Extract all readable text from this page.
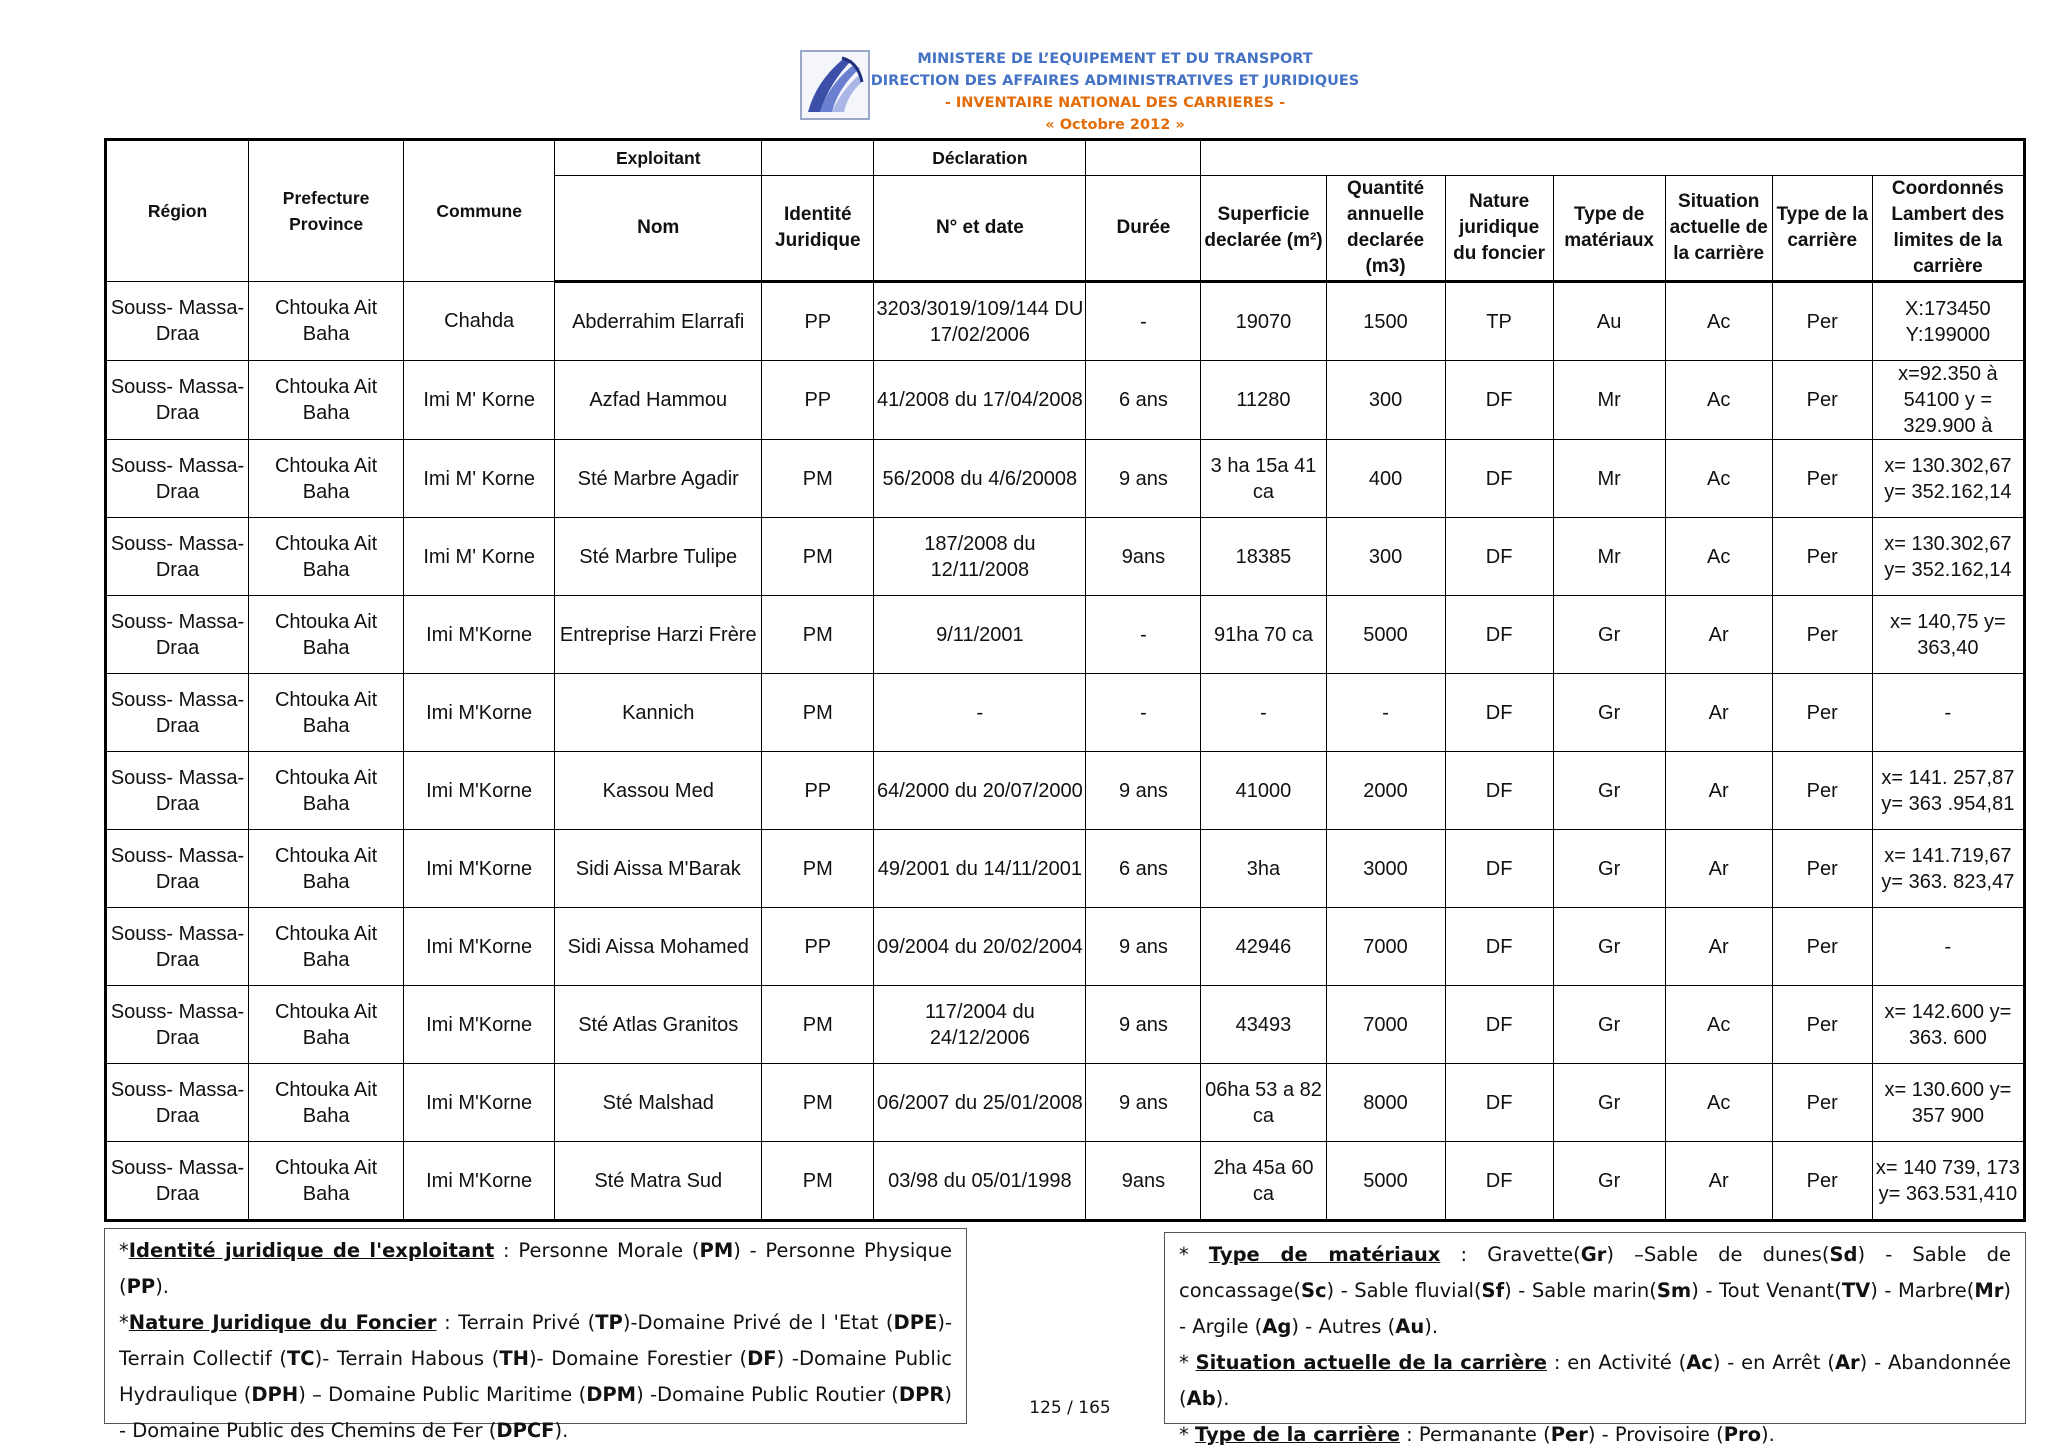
MINISTERE DE L’EQUIPEMENT ET DU TRANSPORT
DIRECTION DES AFFAIRES ADMINISTRATIVES ET JURIDIQUES
- INVENTAIRE NATIONAL DES CARRIERES -
« Octobre 2012 »
Région	Prefecture Province	Commune	Exploitant		Déclaration								
			Nom	Identité Juridique	N° et date	Durée	Superficie declarée (m²)	Quantité annuelle declarée (m3)	Nature juridique du foncier	Type de matériaux	Situation actuelle de la carrière	Type de la carrière	Coordonnés Lambert des limites de la carrière
Souss- Massa-Draa	Chtouka Ait Baha	Chahda	Abderrahim Elarrafi	PP	3203/3019/109/144 DU 17/02/2006	-	19070	1500	TP	Au	Ac	Per	X:173450 Y:199000
Souss- Massa-Draa	Chtouka Ait Baha	Imi M' Korne	Azfad Hammou	PP	41/2008 du 17/04/2008	6 ans	11280	300	DF	Mr	Ac	Per	x=92.350 à 54100 y = 329.900 à
Souss- Massa-Draa	Chtouka Ait Baha	Imi M' Korne	Sté Marbre Agadir	PM	56/2008 du 4/6/20008	9 ans	3 ha 15a 41 ca	400	DF	Mr	Ac	Per	x= 130.302,67 y= 352.162,14
Souss- Massa-Draa	Chtouka Ait Baha	Imi M' Korne	Sté Marbre Tulipe	PM	187/2008 du 12/11/2008	9ans	18385	300	DF	Mr	Ac	Per	x= 130.302,67 y= 352.162,14
Souss- Massa-Draa	Chtouka Ait Baha	Imi M'Korne	Entreprise Harzi Frère	PM	9/11/2001	-	91ha 70 ca	5000	DF	Gr	Ar	Per	x= 140,75 y= 363,40
Souss- Massa-Draa	Chtouka Ait Baha	Imi M'Korne	Kannich	PM	-	-	-	-	DF	Gr	Ar	Per	-
Souss- Massa-Draa	Chtouka Ait Baha	Imi M'Korne	Kassou Med	PP	64/2000 du 20/07/2000	9 ans	41000	2000	DF	Gr	Ar	Per	x= 141. 257,87 y= 363 .954,81
Souss- Massa-Draa	Chtouka Ait Baha	Imi M'Korne	Sidi Aissa M'Barak	PM	49/2001 du 14/11/2001	6 ans	3ha	3000	DF	Gr	Ar	Per	x= 141.719,67 y= 363. 823,47
Souss- Massa-Draa	Chtouka Ait Baha	Imi M'Korne	Sidi Aissa Mohamed	PP	09/2004 du 20/02/2004	9 ans	42946	7000	DF	Gr	Ar	Per	-
Souss- Massa-Draa	Chtouka Ait Baha	Imi M'Korne	Sté Atlas Granitos	PM	117/2004 du 24/12/2006	9 ans	43493	7000	DF	Gr	Ac	Per	x= 142.600 y= 363. 600
Souss- Massa-Draa	Chtouka Ait Baha	Imi M'Korne	Sté Malshad	PM	06/2007 du 25/01/2008	9 ans	06ha 53 a 82 ca	8000	DF	Gr	Ac	Per	x= 130.600 y= 357 900
Souss- Massa-Draa	Chtouka Ait Baha	Imi M'Korne	Sté Matra Sud	PM	03/98 du 05/01/1998	9ans	2ha 45a 60 ca	5000	DF	Gr	Ar	Per	x= 140 739, 173 y= 363.531,410

*Identité juridique de l'exploitant : Personne Morale (PM) - Personne Physique (PP).

*Nature Juridique du Foncier : Terrain Privé (TP)-Domaine Privé de l 'Etat (DPE)- Terrain Collectif (TC)- Terrain Habous (TH)- Domaine Forestier (DF) -Domaine Public Hydraulique (DPH) – Domaine Public Maritime (DPM) -Domaine Public Routier (DPR) - Domaine Public des Chemins de Fer (DPCF).

* Type de matériaux : Gravette(Gr) –Sable de dunes(Sd) - Sable de concassage(Sc) - Sable fluvial(Sf) - Sable marin(Sm) - Tout Venant(TV) - Marbre(Mr) - Argile (Ag) - Autres (Au).

* Situation actuelle de la carrière : en Activité (Ac) - en Arrêt (Ar) - Abandonnée (Ab).

* Type de la carrière : Permanante (Per) - Provisoire (Pro).

125 / 165
